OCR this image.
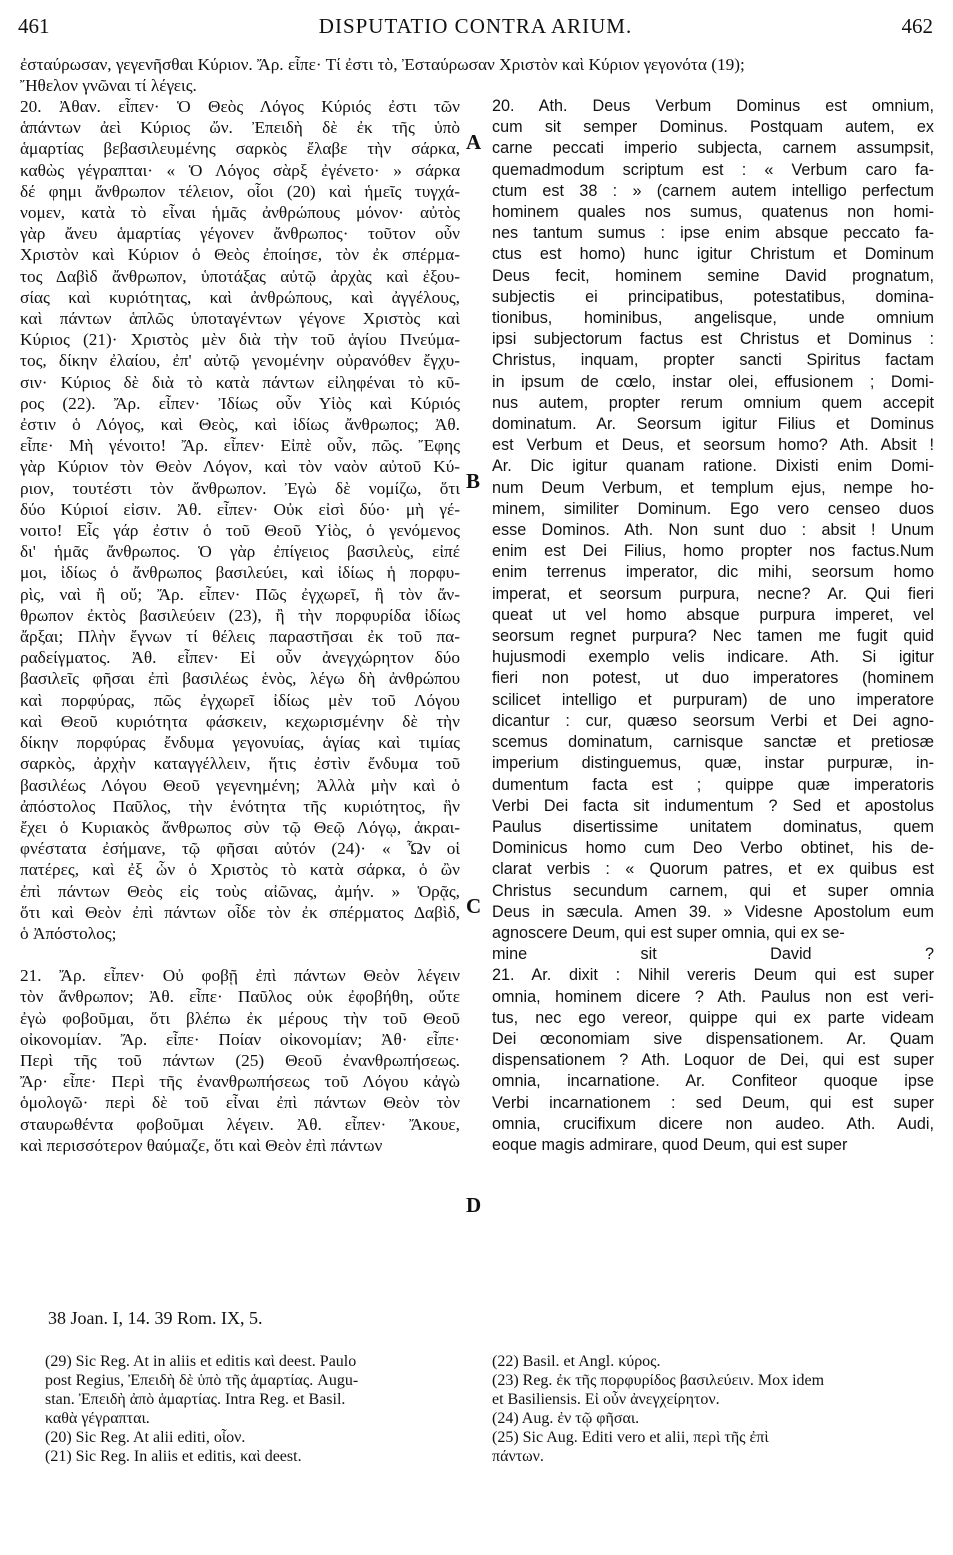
461	DISPUTATIO CONTRA ARIUM.	462
ἐσταύρωσαν, γεγενῆσθαι Κύριον. Ἄρ. εἶπε· Τί ἐστι τὸ, Ἐσταύρωσαν Χριστὸν καὶ Κύριον γεγονότα (19);
Ἤθελον γνῶναι τί λέγεις.
20. Ἀθαν. εἶπεν· Ὁ Θεὸς Λόγος Κύριός ἐστι τῶν
ἁπάντων ἀεὶ Κύριος ὤν. Ἐπειδὴ δὲ ἐκ τῆς ὑπὸ
ἁμαρτίας βεβασιλευμένης σαρκὸς ἔλαβε τὴν σάρκα,
καθὼς γέγραπται· « Ὁ Λόγος σὰρξ ἐγένετο· » σάρκα
δέ φημι ἄνθρωπον τέλειον, οἷοι (20) καὶ ἡμεῖς τυγχά-
νομεν, κατὰ τὸ εἶναι ἡμᾶς ἀνθρώπους μόνον· αὐτὸς
γὰρ ἄνευ ἁμαρτίας γέγονεν ἄνθρωπος· τοῦτον οὖν
Χριστὸν καὶ Κύριον ὁ Θεὸς ἐποίησε, τὸν ἐκ σπέρμα-
τος Δαβὶδ ἄνθρωπον, ὑποτάξας αὐτῷ ἀρχὰς καὶ ἐξου-
σίας καὶ κυριότητας, καὶ ἀνθρώπους, καὶ ἀγγέλους,
καὶ πάντων ἁπλῶς ὑποταγέντων γέγονε Χριστὸς καὶ
Κύριος (21)· Χριστὸς μὲν διὰ τὴν τοῦ ἁγίου Πνεύμα-
τος, δίκην ἐλαίου, ἐπ' αὐτῷ γενομένην οὐρανόθεν ἔγχυ-
σιν· Κύριος δὲ διὰ τὸ κατὰ πάντων εἰληφέναι τὸ κῦ-
ρος (22). Ἄρ. εἶπεν· Ἰδίως οὖν Υἱὸς καὶ Κύριός
ἐστιν ὁ Λόγος, καὶ Θεὸς, καὶ ἰδίως ἄνθρωπος; Ἀθ.
εἶπε· Μὴ γένοιτο! Ἄρ. εἶπεν· Εἰπὲ οὖν, πῶς. Ἔφης
γὰρ Κύριον τὸν Θεὸν Λόγον, καὶ τὸν ναὸν αὐτοῦ Κύ-
ριον, τουτέστι τὸν ἄνθρωπον. Ἐγὼ δὲ νομίζω, ὅτι
δύο Κύριοί εἰσιν. Ἀθ. εἶπεν· Οὐκ εἰσὶ δύο· μὴ γέ-
νοιτο! Εἷς γάρ ἐστιν ὁ τοῦ Θεοῦ Υἱὸς, ὁ γενόμενος
δι' ἡμᾶς ἄνθρωπος. Ὁ γὰρ ἐπίγειος βασιλεὺς, εἰπέ
μοι, ἰδίως ὁ ἄνθρωπος βασιλεύει, καὶ ἰδίως ἡ πορφυ-
ρὶς, ναὶ ἢ οὔ; Ἄρ. εἶπεν· Πῶς ἐγχωρεῖ, ἢ τὸν ἄν-
θρωπον ἐκτὸς βασιλεύειν (23), ἢ τὴν πορφυρίδα ἰδίως
ἄρξαι; Πλὴν ἔγνων τί θέλεις παραστῆσαι ἐκ τοῦ πα-
ραδείγματος. Ἀθ. εἶπεν· Εἰ οὖν ἀνεγχώρητον δύο
βασιλεῖς φῆσαι ἐπὶ βασιλέως ἑνὸς, λέγω δὴ ἀνθρώπου
καὶ πορφύρας, πῶς ἐγχωρεῖ ἰδίως μὲν τοῦ Λόγου
καὶ Θεοῦ κυριότητα φάσκειν, κεχωρισμένην δὲ τὴν
δίκην πορφύρας ἔνδυμα γεγονυίας, ἁγίας καὶ τιμίας
σαρκὸς, ἀρχὴν καταγγέλλειν, ἥτις ἐστὶν ἔνδυμα τοῦ
βασιλέως Λόγου Θεοῦ γεγενημένη; Ἀλλὰ μὴν καὶ ὁ
ἀπόστολος Παῦλος, τὴν ἑνότητα τῆς κυριότητος, ἣν
ἔχει ὁ Κυριακὸς ἄνθρωπος σὺν τῷ Θεῷ Λόγῳ, ἀκραι-
φνέστατα ἐσήμανε, τῷ φῆσαι αὐτόν (24)· « Ὧν οἱ
πατέρες, καὶ ἐξ ὧν ὁ Χριστὸς τὸ κατὰ σάρκα, ὁ ὢν
ἐπὶ πάντων Θεὸς εἰς τοὺς αἰῶνας, ἀμήν. » Ὁρᾷς,
ὅτι καὶ Θεὸν ἐπὶ πάντων οἶδε τὸν ἐκ σπέρματος Δαβὶδ,
ὁ Ἀπόστολος;
21. Ἄρ. εἶπεν· Οὐ φοβῇ ἐπὶ πάντων Θεὸν λέγειν
τὸν ἄνθρωπον; Ἀθ. εἶπε· Παῦλος οὐκ ἐφοβήθη, οὔτε
ἐγὼ φοβοῦμαι, ὅτι βλέπω ἐκ μέρους τὴν τοῦ Θεοῦ
οἰκονομίαν. Ἄρ. εἶπε· Ποίαν οἰκονομίαν; Ἀθ· εἶπε·
Περὶ τῆς τοῦ πάντων (25) Θεοῦ ἐνανθρωπήσεως.
Ἄρ· εἶπε· Περὶ τῆς ἐνανθρωπήσεως τοῦ Λόγου κἀγὼ
ὁμολογῶ· περὶ δὲ τοῦ εἶναι ἐπὶ πάντων Θεὸν τὸν
σταυρωθέντα φοβοῦμαι λέγειν. Ἀθ. εἶπεν· Ἄκουε,
καὶ περισσότερον θαύμαζε, ὅτι καὶ Θεὸν ἐπὶ πάντων
20. Ath. Deus Verbum Dominus est omnium,
cum sit semper Dominus. Postquam autem, ex
carne peccati imperio subjecta, carnem assumpsit,
quemadmodum scriptum est : « Verbum caro fa-
ctum est 38 : » (carnem autem intelligo perfectum
hominem quales nos sumus, quatenus non homi-
nes tantum sumus : ipse enim absque peccato fa-
ctus est homo) hunc igitur Christum et Dominum
Deus fecit, hominem semine David prognatum,
subjectis ei principatibus, potestatibus, domina-
tionibus, hominibus, angelisque, unde omnium
ipsi subjectorum factus est Christus et Dominus :
Christus, inquam, propter sancti Spiritus factam
in ipsum de cœlo, instar olei, effusionem ; Domi-
nus autem, propter rerum omnium quem accepit
dominatum. Ar. Seorsum igitur Filius et Dominus
est Verbum et Deus, et seorsum homo? Ath. Absit !
Ar. Dic igitur quanam ratione. Dixisti enim Domi-
num Deum Verbum, et templum ejus, nempe ho-
minem, similiter Dominum. Ego vero censeo duos
esse Dominos. Ath. Non sunt duo : absit ! Unum
enim est Dei Filius, homo propter nos factus.Num
enim terrenus imperator, dic mihi, seorsum homo
imperat, et seorsum purpura, necne? Ar. Qui fieri
queat ut vel homo absque purpura imperet, vel
seorsum regnet purpura? Nec tamen me fugit quid
hujusmodi exemplo velis indicare. Ath. Si igitur
fieri non potest, ut duo imperatores (hominem
scilicet intelligo et purpuram) de uno imperatore
dicantur : cur, quæso seorsum Verbi et Dei agno-
scemus dominatum, carnisque sanctæ et pretiosæ
imperium distinguemus, quæ, instar purpuræ, in-
dumentum facta est ; quippe quæ imperatoris
Verbi Dei facta sit indumentum ? Sed et apostolus
Paulus disertissime unitatem dominatus, quem
Dominicus homo cum Deo Verbo obtinet, his de-
clarat verbis : « Quorum patres, et ex quibus est
Christus secundum carnem, qui et super omnia
Deus in sæcula. Amen 39. » Videsne Apostolum eum
agnoscere Deum, qui est super omnia, qui ex se-
mine sit David ?
21. Ar. dixit : Nihil vereris Deum qui est super
omnia, hominem dicere ? Ath. Paulus non est veri-
tus, nec ego vereor, quippe qui ex parte videam
Dei œconomiam sive dispensationem. Ar. Quam
dispensationem ? Ath. Loquor de Dei, qui est super
omnia, incarnatione. Ar. Confiteor quoque ipse
Verbi incarnationem : sed Deum, qui est super
omnia, crucifixum dicere non audeo. Ath. Audi,
eoque magis admirare, quod Deum, qui est super
A
B
C
D
38 Joan. I, 14. 39 Rom. IX, 5.
(29) Sic Reg. At in aliis et editis καὶ deest. Paulo
post Regius, Ἐπειδὴ δὲ ὑπὸ τῆς ἁμαρτίας. Augu-
stan. Ἐπειδὴ ἀπὸ ἁμαρτίας. Intra Reg. et Basil.
καθὰ γέγραπται.
(20) Sic Reg. At alii editi, οἷον.
(21) Sic Reg. In aliis et editis, καὶ deest.
(22) Basil. et Angl. κύρος.
(23) Reg. ἐκ τῆς πορφυρίδος βασιλεύειν. Mox idem
et Basiliensis. Εἰ οὖν ἀνεγχείρητον.
(24) Aug. ἐν τῷ φῆσαι.
(25) Sic Aug. Editi vero et alii, περὶ τῆς ἐπὶ
πάντων.
